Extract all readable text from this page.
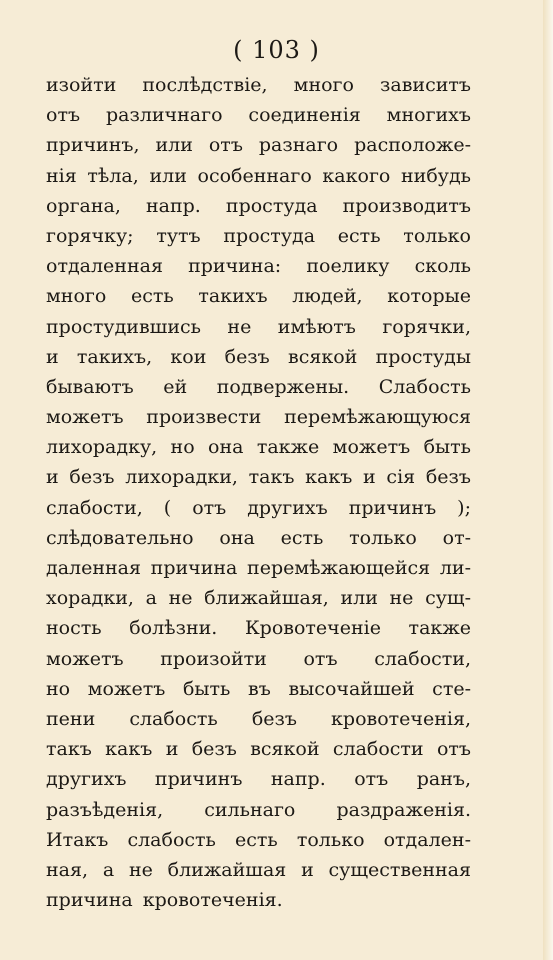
( 103 )
изойти послѣдствіе, много зависитъ
отъ различнаго соединенія многихъ
причинъ, или отъ разнаго расположе-
нія тѣла, или особеннаго какого нибудь
органа, напр. простуда производитъ
горячку; тутъ простуда есть только
отдаленная причина: поелику сколь
много есть такихъ людей, которые
простудившись не имѣютъ горячки,
и такихъ, кои безъ всякой простуды
бываютъ ей подвержены. Слабость
можетъ произвести перемѣжающуюся
лихорадку, но она также можетъ быть
и безъ лихорадки, такъ какъ и сія безъ
слабости, ( отъ другихъ причинъ );
слѣдовательно она есть только от-
даленная причина перемѣжающейся ли-
хорадки, а не ближайшая, или не сущ-
ность болѣзни. Кровотеченіе также
можетъ произойти отъ слабости,
но можетъ быть въ высочайшей сте-
пени слабость безъ кровотеченія,
такъ какъ и безъ всякой слабости отъ
другихъ причинъ напр. отъ ранъ,
разъѣденія, сильнаго раздраженія.
Итакъ слабость есть только отдален-
ная, а не ближайшая и существенная
причина кровотеченія.
